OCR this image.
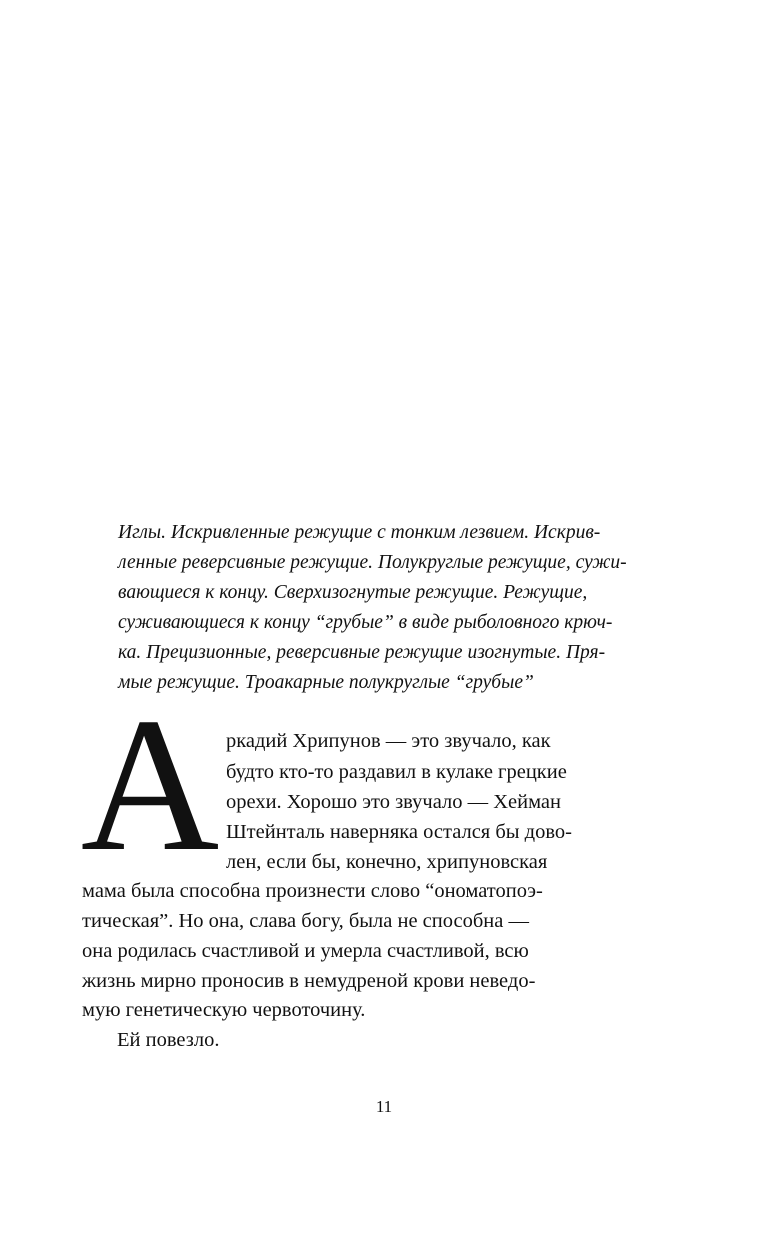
Иглы. Искривленные режущие с тонким лезвием. Искрив-
ленные реверсивные режущие. Полукруглые режущие, сужи-
вающиеся к концу. Сверхизогнутые режущие. Режущие,
суживающиеся к концу “грубые” в виде рыболовного крюч-
ка. Прецизионные, реверсивные режущие изогнутые. Пря-
мые режущие. Троакарные полукруглые “грубые”
А ркадий Хрипунов — это звучало, как
будто кто-то раздавил в кулаке грецкие
орехи. Хорошо это звучало — Хейман
Штейнталь наверняка остался бы дово-
лен, если бы, конечно, хрипуновская
мама была способна произнести слово “ономатопоэ-
тическая”. Но она, слава богу, была не способна —
она родилась счастливой и умерла счастливой, всю
жизнь мирно проносив в немудреной крови неведо-
мую генетическую червоточину.
Ей повезло.
11
